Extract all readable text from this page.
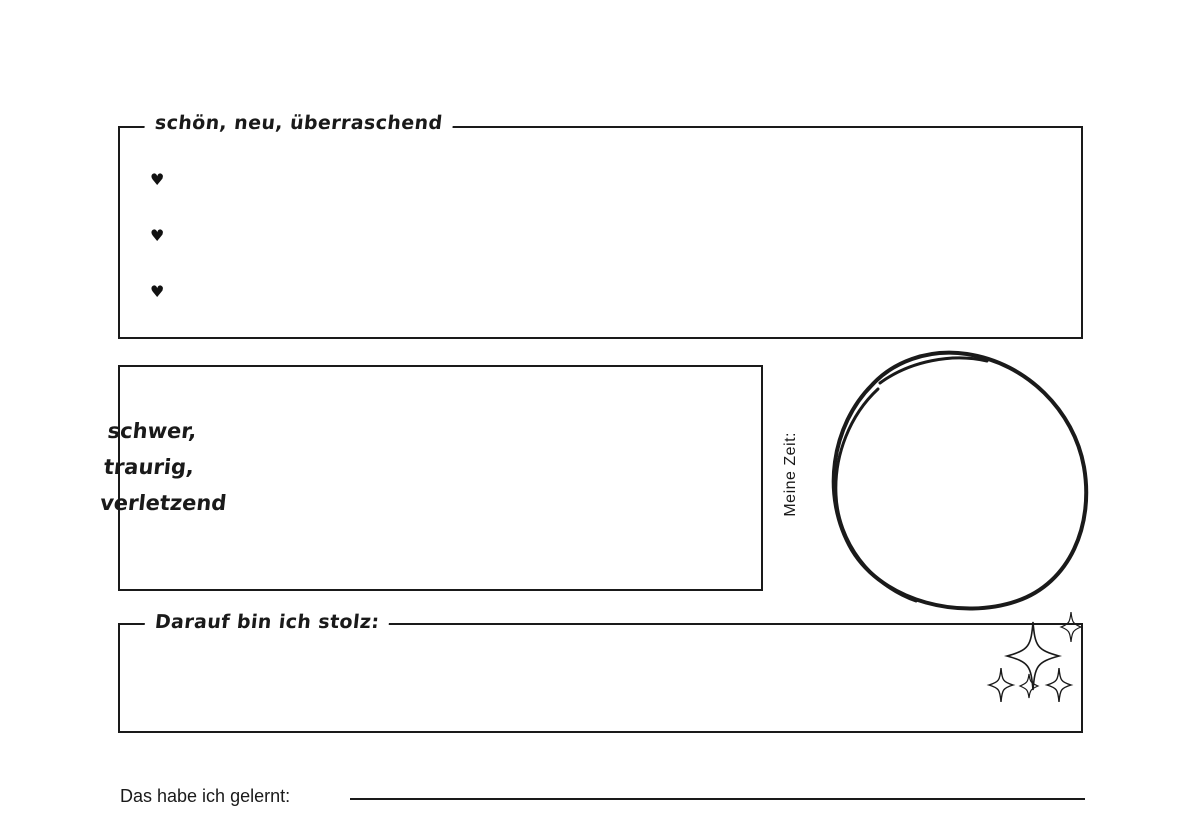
schön, neu, überraschend
♥
♥
♥
schwer,
traurig,
verletzend	Meine Zeit:
Darauf bin ich stolz:
Das habe ich gelernt:
